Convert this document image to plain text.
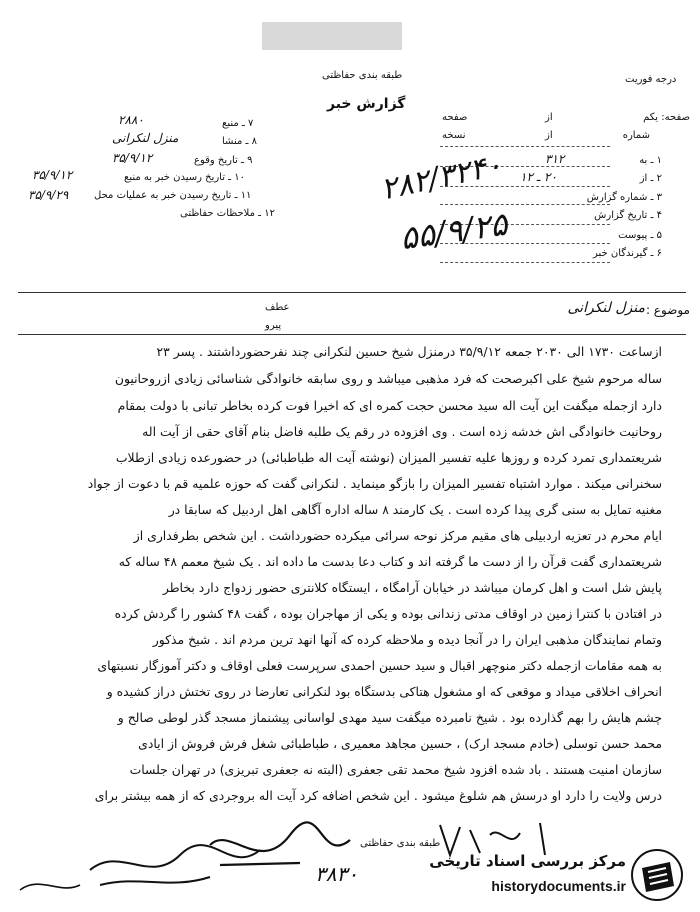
طبقه بندی حفاظتی	درجه فوریت
گزارش خبر
صفحه: یکم
از
صفحه
شماره
از
نسخه
۱ ـ به
۳۱۲
۲ ـ از
۲۰ ـ ۱۲
۳ ـ شماره گزارش
۴ ـ تاریخ گزارش
۵ ـ پیوست
۶ ـ گیرندگان خبر
۷ ـ منبع
۲۸۸۰
۸ ـ منشا
منزل لنکرانی
۹ ـ تاریخ وقوع
۳۵/۹/۱۲
۱۰ ـ تاریخ رسیدن خبر به منبع
۳۵/۹/۱۲
۱۱ ـ تاریخ رسیدن خبر به عملیات محل
۳۵/۹/۲۹
۱۲ ـ ملاحظات حفاظتی
۲۸۲/۳۲۴۰
۵۵/۹/۲۵
موضوع :
منزل لنکرانی
عطف
پیرو
ازساعت ۱۷۳۰ الی ۲۰۳۰ جمعه ۳۵/۹/۱۲ درمنزل شیخ حسین لنکرانی چند نفرحضورداشتند . پسر ۲۳
ساله مرحوم شیخ علی اکبرصحت که فرد مذهبی میباشد و روی سابقه خانوادگی شناسائی زیادی ازروحانیون
دارد ازجمله میگفت این آیت اله سید محسن حجت کمره ای که اخیرا فوت کرده بخاطر تبانی با دولت بمقام
روحانیت خانوادگی اش خدشه زده است . وی افزوده در رقم یک طلبه فاضل بنام آقای حقی از آیت اله
شریعتمداری تمرد کرده و روزها علیه تفسیر المیزان (نوشته آیت اله طباطبائی) در حضورعده زیادی ازطلاب
سخنرانی میکند . موارد اشتباه تفسیر المیزان را بازگو مینماید . لنکرانی گفت که حوزه علمیه قم با دعوت از جواد
مغنیه تمایل به سنی گری پیدا کرده است . یک کارمند ۸ ساله اداره آگاهی اهل اردبیل که سابقا در
ایام محرم در تعزیه اردبیلی های مقیم مرکز نوحه سرائی میکرده حضورداشت . این شخص بطرفداری از
شریعتمداری گفت قرآن را از دست ما گرفته اند و کتاب دعا بدست ما داده اند . یک شیخ معمم ۴۸ ساله که
پایش شل است و اهل کرمان میباشد در خیابان آرامگاه ، ایستگاه کلانتری حضور زدواج دارد بخاطر
در افتادن با کنترا زمین در اوقاف مدتی زندانی بوده و یکی از مهاجران بوده ، گفت ۴۸ کشور را گردش کرده
وتمام نمایندگان مذهبی ایران را در آنجا دیده و ملاحظه کرده که آنها انهد ترین مردم اند . شیخ مذکور
به همه مقامات ازجمله دکتر منوچهر اقبال و سید حسین احمدی سرپرست فعلی اوقاف و دکتر آموزگار نسبتهای
انحراف اخلاقی میداد و موقعی که او مشغول هتاکی بدستگاه بود لنکرانی تعارضا در روی تختش دراز کشیده و
چشم هایش را بهم گذارده بود . شیخ نامبرده میگفت سید مهدی لواسانی پیشنماز مسجد گذر لوطی صالح و
محمد حسن توسلی (خادم مسجد ارک) ، حسین مجاهد معمیری ، طباطبائی شغل فرش فروش از ایادی
سازمان امنیت هستند . باد شده افزود شیخ محمد تقی جعفری (البته نه جعفری تبریزی) در تهران جلسات
درس ولایت را دارد او درسش هم شلوغ میشود . این شخص اضافه کرد آیت اله بروجردی که از همه بیشتر برای
طبقه بندی حفاظتی
۳۸۳۰
مرکز بررسی اسناد تاریخی
historydocuments.ir
